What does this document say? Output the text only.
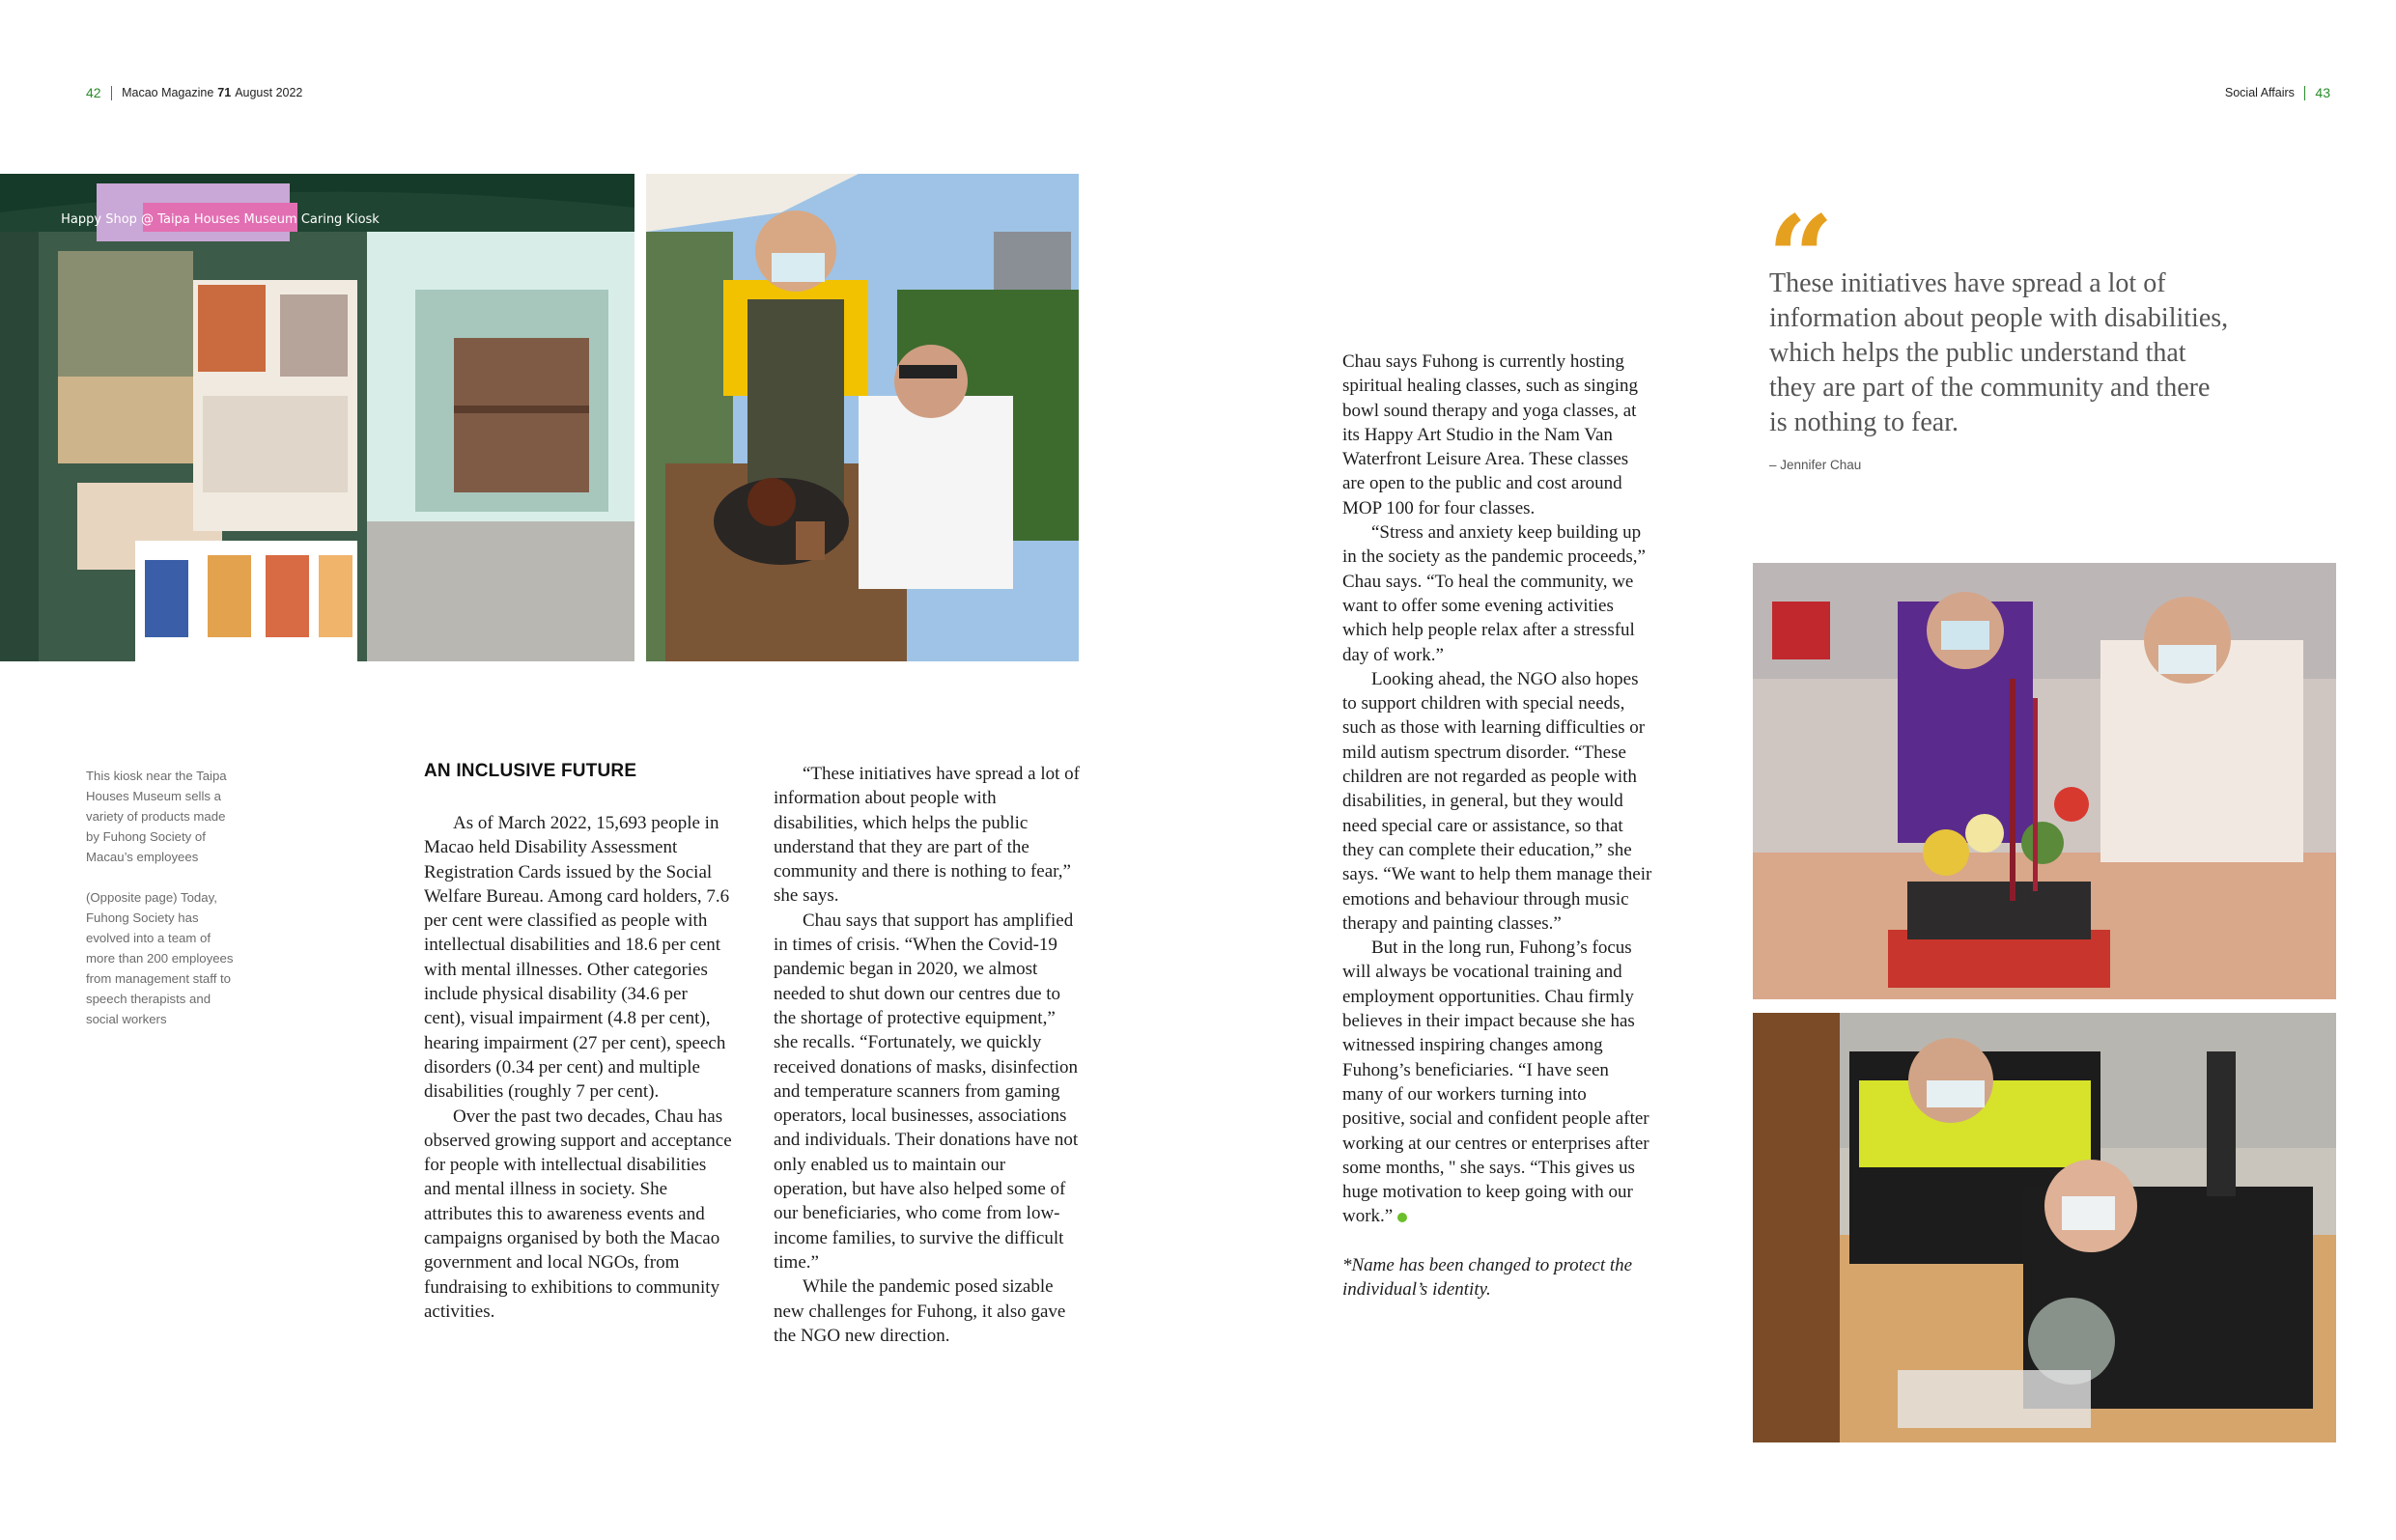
42 Macao Magazine 71 August 2022	Social Affairs 43
Happy Shop @ Taipa Houses Museum Caring Kiosk

This kiosk near the Taipa Houses Museum sells a variety of products made by Fuhong Society of Macau’s employees

(Opposite page) Today, Fuhong Society has evolved into a team of more than 200 employees from management staff to speech therapists and social workers

AN INCLUSIVE FUTURE

As of March 2022, 15,693 people in Macao held Disability Assessment Registration Cards issued by the Social Welfare Bureau. Among card holders, 7.6 per cent were classified as people with intellectual disabilities and 18.6 per cent with mental illnesses. Other categories include physical disability (34.6 per cent), visual impairment (4.8 per cent), hearing impairment (27 per cent), speech disorders (0.34 per cent) and multiple disabilities (roughly 7 per cent).

Over the past two decades, Chau has observed growing support and acceptance for people with intellectual disabilities and mental illness in society. She attributes this to awareness events and campaigns organised by both the Macao government and local NGOs, from fundraising to exhibitions to community activities.

“These initiatives have spread a lot of information about people with disabilities, which helps the public understand that they are part of the community and there is nothing to fear,” she says.

Chau says that support has amplified in times of crisis. “When the Covid-19 pandemic began in 2020, we almost needed to shut down our centres due to the shortage of protective equipment,” she recalls. “Fortunately, we quickly received donations of masks, disinfection and temperature scanners from gaming operators, local businesses, associations and individuals. Their donations have not only enabled us to maintain our operation, but have also helped some of our beneficiaries, who come from low-income families, to survive the difficult time.”

While the pandemic posed sizable new challenges for Fuhong, it also gave the NGO new direction.

Chau says Fuhong is currently hosting spiritual healing classes, such as singing bowl sound therapy and yoga classes, at its Happy Art Studio in the Nam Van Waterfront Leisure Area. These classes are open to the public and cost around MOP 100 for four classes.

“Stress and anxiety keep building up in the society as the pandemic proceeds,” Chau says. “To heal the community, we want to offer some evening activities which help people relax after a stressful day of work.”

Looking ahead, the NGO also hopes to support children with special needs, such as those with learning difficulties or mild autism spectrum disorder. “These children are not regarded as people with disabilities, in general, but they would need special care or assistance, so that they can complete their education,” she says. “We want to help them manage their emotions and behaviour through music therapy and painting classes.”

But in the long run, Fuhong’s focus will always be vocational training and employment opportunities. Chau firmly believes in their impact because she has witnessed inspiring changes among Fuhong’s beneficiaries. “I have seen many of our workers turning into positive, social and confident people after working at our centres or enterprises after some months, '' she says. “This gives us huge motivation to keep going with our work.”

*Name has been changed to protect the individual’s identity.

“
These initiatives have spread a lot of information about people with disabilities, which helps the public understand that they are part of the community and there is nothing to fear.
– Jennifer Chau
